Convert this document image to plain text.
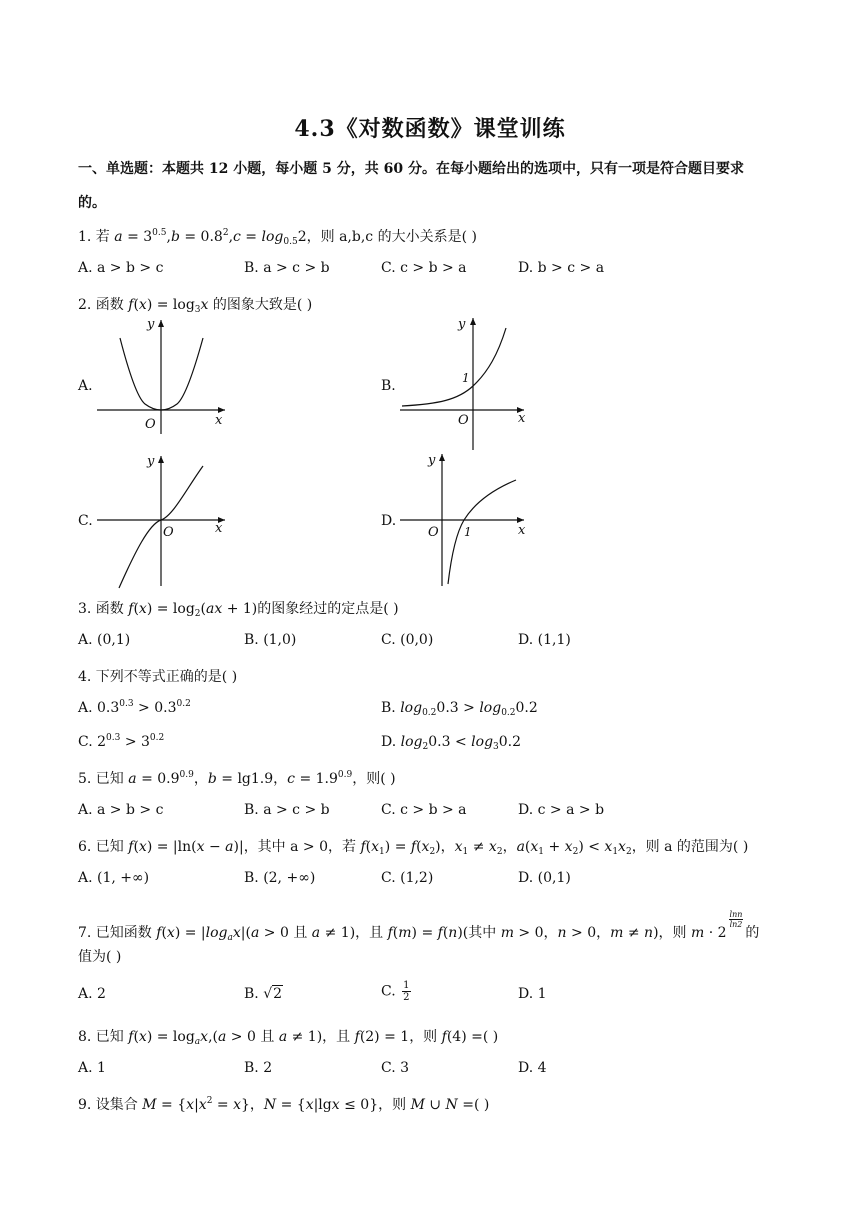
4.3《对数函数》课堂训练
一、单选题：本题共 12 小题，每小题 5 分，共 60 分。在每小题给出的选项中，只有一项是符合题目要求
的。
1. 若 $a = 3^{0.5},b = 0.8^2,c = \log_{0.5}2$，则 a,b,c 的大小关系是( )
A. a > b > c	B. a > c > b	C. c > b > a	D. b > c > a
2. 函数 $f(x) = \log_3x$ 的图象大致是( )
A.	B.
C.	D.
y
x
O
y
x
O
1
y
x
O
y
x
O 1
3. 函数 $f(x) = \log_2(ax + 1)$的图象经过的定点是( )
A. (0,1)	B. (1,0)	C. (0,0)	D. (1,1)
4. 下列不等式正确的是( )
A. $0.3^{0.3} > 0.3^{0.2}$	B. $\log_{0.2}0.3 > \log_{0.2}0.2$
C. $2^{0.3} > 3^{0.2}$	D. $\log_20.3 < \log_30.2$
5. 已知 $a = 0.9^{0.9}$，b = lg1.9，$c = 1.9^{0.9}$，则( )
A. a > b > c	B. a > c > b	C. c > b > a	D. c > a > b
6. 已知 f(x) = |ln(x − a)|，其中 a > 0，若 $f(x_1) = f(x_2)$，$x_1 \ne x_2$，$a(x_1 + x_2) < x_1x_2$，则 a 的范围为( )
A. (1, +∞)	B. (2, +∞)	C. (1,2)	D. (0,1)
7. 已知函数 $f(x) = |\log_ax|(a > 0$ 且 a ≠ 1)，且 f(m) = f(n)(其中 m > 0，n > 0，m ≠ n)，则 m · 2
$\frac{\ln n}{\ln 2}$
的
值为( )
A. 2	B. √2	C. $\frac{1}{2}$	D. 1
8. 已知 $f(x) = \log_ax,(a > 0$ 且 a ≠ 1)，且 f(2) = 1，则 f(4) =( )
A. 1	B. 2	C. 3	D. 4
9. 设集合 $M = \{x|x^2 = x\}$，N = {x|lgx ≤ 0}，则 M ∪ N =( )
